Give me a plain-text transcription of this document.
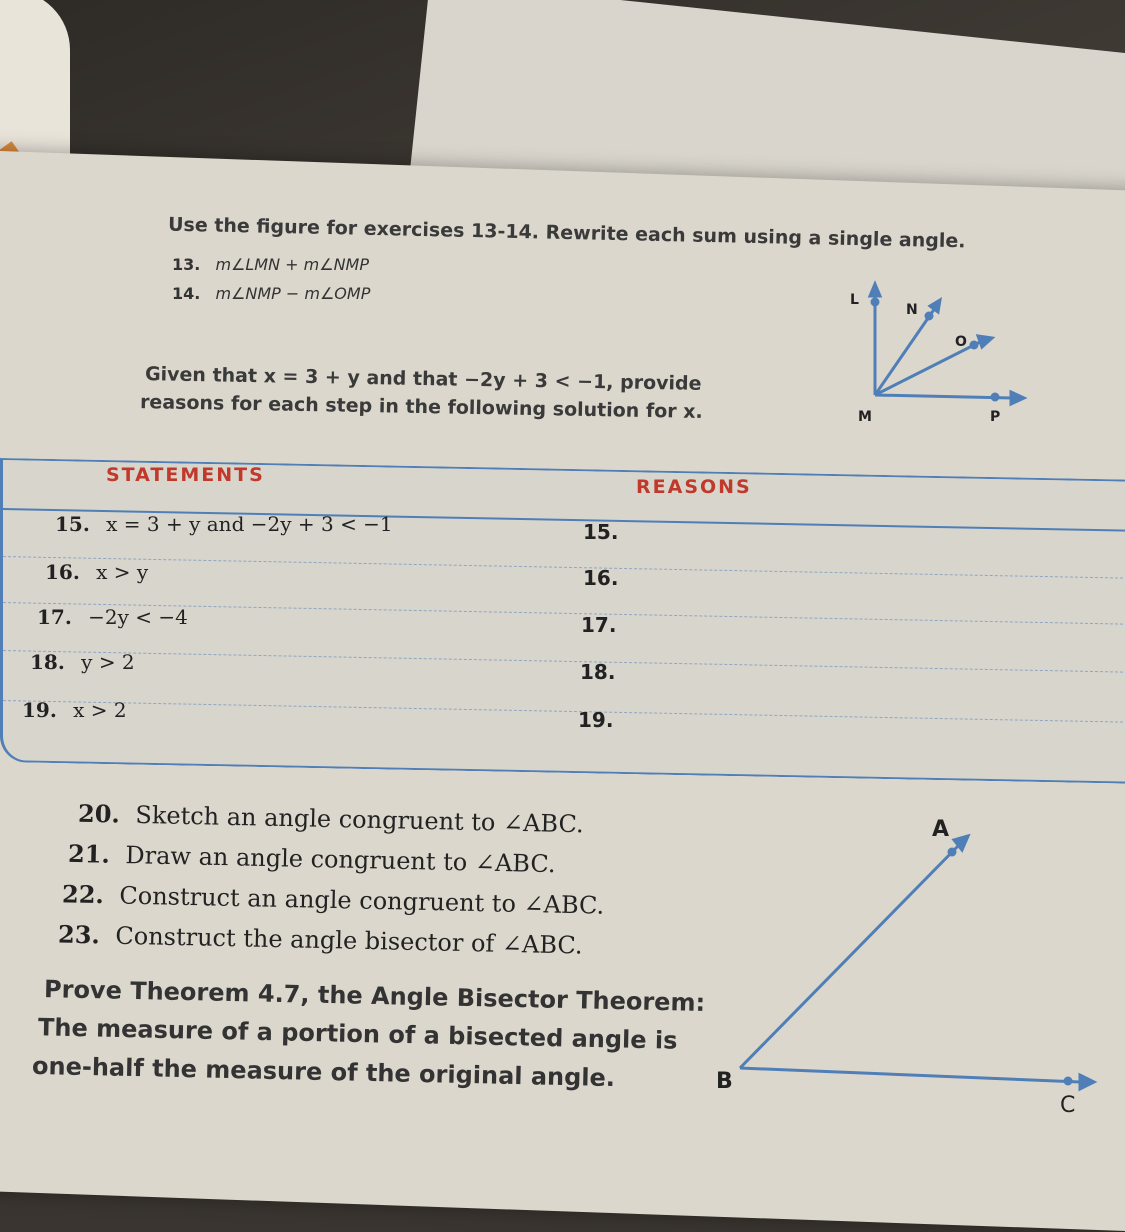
Use the figure for exercises 13-14. Rewrite each sum using a single angle.
13. m∠LMN + m∠NMP
14. m∠NMP − m∠OMP
Given that x = 3 + y and that −2y + 3 < −1, provide
reasons for each step in the following solution for x.
L
N
O
M	P
STATEMENTS
REASONS
15. x = 3 + y and −2y + 3 < −1	15.
16. x > y	16.
17. −2y < −4	17.
18. y > 2	18.
19. x > 2	19.
20. Sketch an angle congruent to ∠ABC.
21. Draw an angle congruent to ∠ABC.
22. Construct an angle congruent to ∠ABC.
23. Construct the angle bisector of ∠ABC.
Prove Theorem 4.7, the Angle Bisector Theorem:
The measure of a portion of a bisected angle is
one-half the measure of the original angle.
A
B
C
